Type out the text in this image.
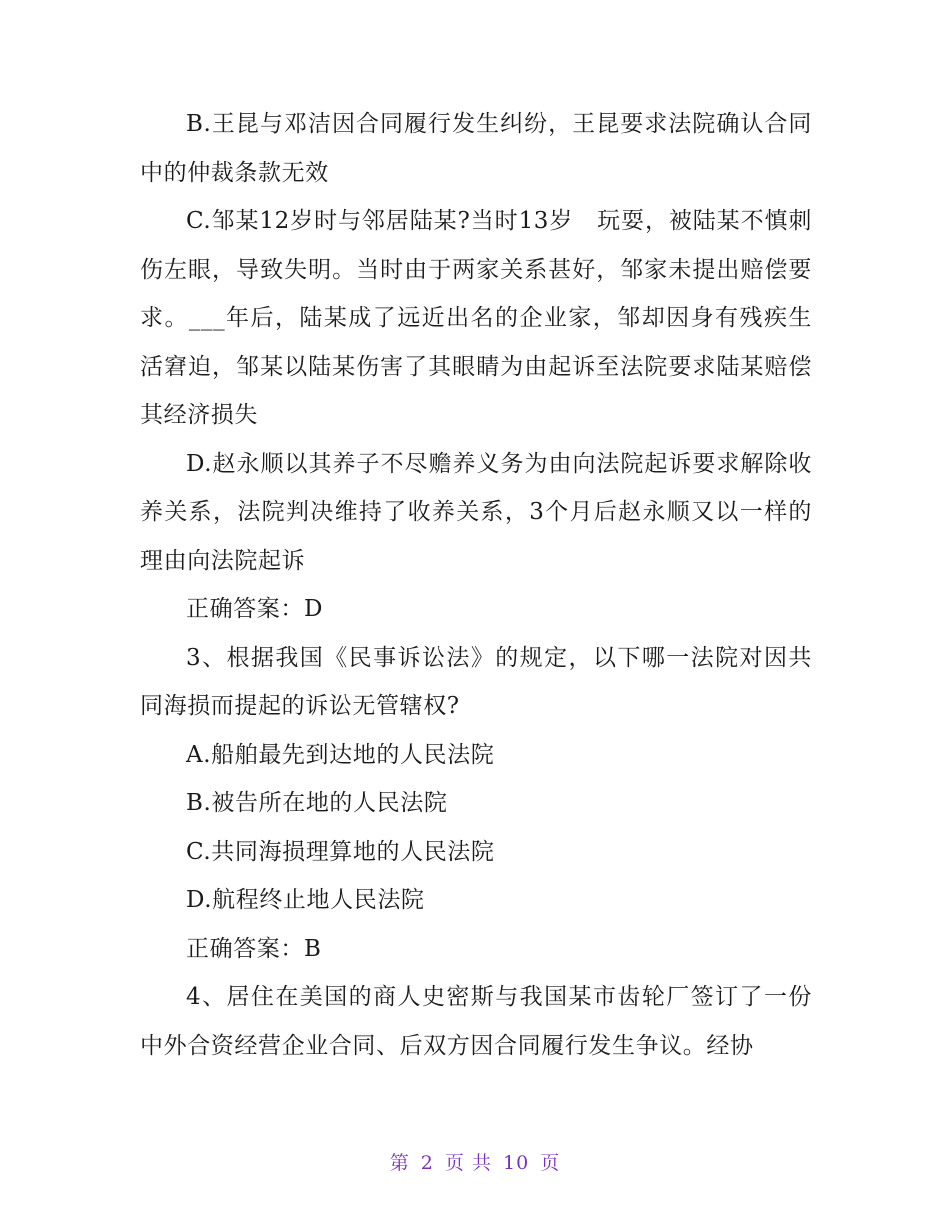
B.王昆与邓洁因合同履行发生纠纷，王昆要求法院确认合同中的仲裁条款无效

C.邹某12岁时与邻居陆某?当时13岁　玩耍，被陆某不慎刺伤左眼，导致失明。当时由于两家关系甚好，邹家未提出赔偿要求。___年后，陆某成了远近出名的企业家，邹却因身有残疾生活窘迫，邹某以陆某伤害了其眼睛为由起诉至法院要求陆某赔偿其经济损失

D.赵永顺以其养子不尽赡养义务为由向法院起诉要求解除收养关系，法院判决维持了收养关系，3个月后赵永顺又以一样的理由向法院起诉

正确答案：D

3、根据我国《民事诉讼法》的规定，以下哪一法院对因共同海损而提起的诉讼无管辖权?

A.船舶最先到达地的人民法院

B.被告所在地的人民法院

C.共同海损理算地的人民法院

D.航程终止地人民法院

正确答案：B

4、居住在美国的商人史密斯与我国某市齿轮厂签订了一份中外合资经营企业合同、后双方因合同履行发生争议。经协

第 2 页 共 10 页
